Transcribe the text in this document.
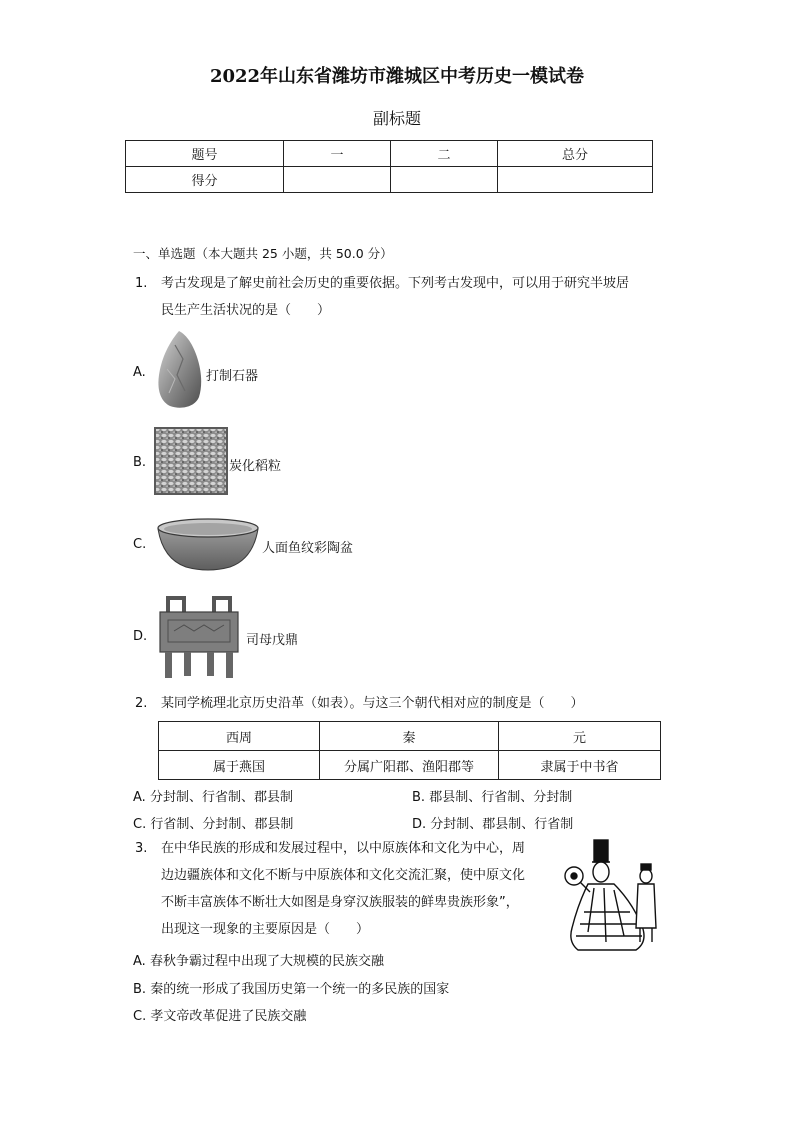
2022年山东省潍坊市潍城区中考历史一模试卷
副标题
题号	一	二	总分
得分			
一、单选题（本大题共 25 小题，共 50.0 分）
1. 考古发现是了解史前社会历史的重要依据。下列考古发现中，可以用于研究半坡居
民生产生活状况的是（　　）
A.	打制石器
B.	炭化稻粒
C.	人面鱼纹彩陶盆
D.	司母戊鼎
2. 某同学梳理北京历史沿革（如表）。与这三个朝代相对应的制度是（　　）
西周	秦	元
属于燕国	分属广阳郡、渔阳郡等	隶属于中书省
A. 分封制、行省制、郡县制	B. 郡县制、行省制、分封制
C. 行省制、分封制、郡县制	D. 分封制、郡县制、行省制
3. 在中华民族的形成和发展过程中，以中原族体和文化为中心，周
边边疆族体和文化不断与中原族体和文化交流汇聚，使中原文化
不断丰富族体不断壮大如图是身穿汉族服装的鲜卑贵族形象”，
出现这一现象的主要原因是（　　）
A. 春秋争霸过程中出现了大规模的民族交融
B. 秦的统一形成了我国历史第一个统一的多民族的国家
C. 孝文帝改革促进了民族交融
